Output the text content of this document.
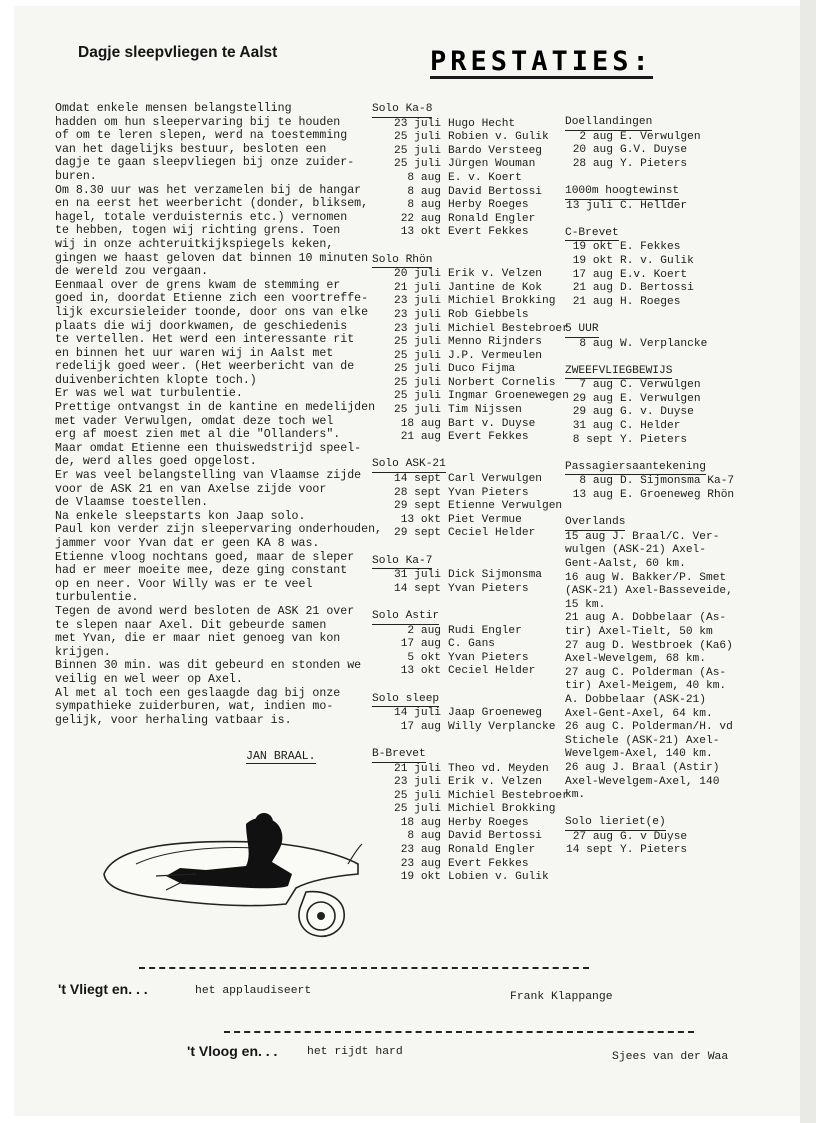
Dagje sleepvliegen te Aalst	PRESTATIES:
Omdat enkele mensen belangstelling
hadden om hun sleepervaring bij te houden
of om te leren slepen, werd na toestemming
van het dagelijks bestuur, besloten een
dagje te gaan sleepvliegen bij onze zuider-
buren.
Om 8.30 uur was het verzamelen bij de hangar
en na eerst het weerbericht (donder, bliksem,
hagel, totale verduisternis etc.) vernomen
te hebben, togen wij richting grens. Toen
wij in onze achteruitkijkspiegels keken,
gingen we haast geloven dat binnen 10 minuten
de wereld zou vergaan.
Eenmaal over de grens kwam de stemming er
goed in, doordat Etienne zich een voortreffe-
lijk excursieleider toonde, door ons van elke
plaats die wij doorkwamen, de geschiedenis
te vertellen. Het werd een interessante rit
en binnen het uur waren wij in Aalst met
redelijk goed weer. (Het weerbericht van de
duivenberichten klopte toch.)
Er was wel wat turbulentie.
Prettige ontvangst in de kantine en medelijden
met vader Verwulgen, omdat deze toch wel
erg af moest zien met al die "Ollanders".
Maar omdat Etienne een thuiswedstrijd speel-
de, werd alles goed opgelost.
Er was veel belangstelling van Vlaamse zijde
voor de ASK 21 en van Axelse zijde voor
de Vlaamse toestellen.
Na enkele sleepstarts kon Jaap solo.
Paul kon verder zijn sleepervaring onderhouden,
jammer voor Yvan dat er geen KA 8 was.
Etienne vloog nochtans goed, maar de sleper
had er meer moeite mee, deze ging constant
op en neer. Voor Willy was er te veel
turbulentie.
Tegen de avond werd besloten de ASK 21 over
te slepen naar Axel. Dit gebeurde samen
met Yvan, die er maar niet genoeg van kon
krijgen.
Binnen 30 min. was dit gebeurd en stonden we
veilig en wel weer op Axel.
Al met al toch een geslaagde dag bij onze
sympathieke zuiderburen, wat, indien mo-
gelijk, voor herhaling vatbaar is.
JAN BRAAL.
Solo Ka-8
23 juli Hugo Hecht
25 juli Robien v. Gulik
25 juli Bardo Versteeg
25 juli Jürgen Wouman
8 aug E. v. Koert
8 aug David Bertossi
8 aug Herby Roeges
22 aug Ronald Engler
13 okt Evert Fekkes
Solo Rhön
20 juli Erik v. Velzen
21 juli Jantine de Kok
23 juli Michiel Brokking
23 juli Rob Giebbels
23 juli Michiel Bestebroer
25 juli Menno Rijnders
25 juli J.P. Vermeulen
25 juli Duco Fijma
25 juli Norbert Cornelis
25 juli Ingmar Groenewegen
25 juli Tim Nijssen
18 aug Bart v. Duyse
21 aug Evert Fekkes
Solo ASK-21
14 sept Carl Verwulgen
28 sept Yvan Pieters
29 sept Etienne Verwulgen
13 okt Piet Vermue
29 sept Ceciel Helder
Solo Ka-7
31 juli Dick Sijmonsma
14 sept Yvan Pieters
Solo Astir
2 aug Rudi Engler
17 aug C. Gans
5 okt Yvan Pieters
13 okt Ceciel Helder
Solo sleep
14 juli Jaap Groeneweg
17 aug Willy Verplancke
B-Brevet
21 juli Theo vd. Meyden
23 juli Erik v. Velzen
25 juli Michiel Bestebroer
25 juli Michiel Brokking
18 aug Herby Roeges
8 aug David Bertossi
23 aug Ronald Engler
23 aug Evert Fekkes
19 okt Lobien v. Gulik
Doellandingen
2 aug E. Verwulgen
20 aug G.V. Duyse
28 aug Y. Pieters
1000m hoogtewinst
13 juli C. Hellder
C-Brevet
19 okt E. Fekkes
19 okt R. v. Gulik
17 aug E.v. Koert
21 aug D. Bertossi
21 aug H. Roeges
5 UUR
8 aug W. Verplancke
ZWEEFVLIEGBEWIJS
7 aug C. Verwulgen
29 aug E. Verwulgen
29 aug G. v. Duyse
31 aug C. Helder
8 sept Y. Pieters
Passagiersaantekening
8 aug D. Sijmonsma Ka-7
13 aug E. Groeneweg Rhön
Overlands
15 aug J. Braal/C. Ver-
wulgen (ASK-21) Axel-
Gent-Aalst, 60 km.
16 aug W. Bakker/P. Smet
(ASK-21) Axel-Basseveide,
15 km.
21 aug A. Dobbelaar (As-
tir) Axel-Tielt, 50 km
27 aug D. Westbroek (Ka6)
Axel-Wevelgem, 68 km.
27 aug C. Polderman (As-
tir) Axel-Meigem, 40 km.
A. Dobbelaar (ASK-21)
Axel-Gent-Axel, 64 km.
26 aug C. Polderman/H. vd
Stichele (ASK-21) Axel-
Wevelgem-Axel, 140 km.
26 aug J. Braal (Astir)
Axel-Wevelgem-Axel, 140
km.
Solo lieriet(e)
27 aug G. v Duyse
14 sept Y. Pieters
't Vliegt en. . .	het applaudiseert	Frank Klappange
't Vloog en. . .	het rijdt hard	Sjees van der Waa
